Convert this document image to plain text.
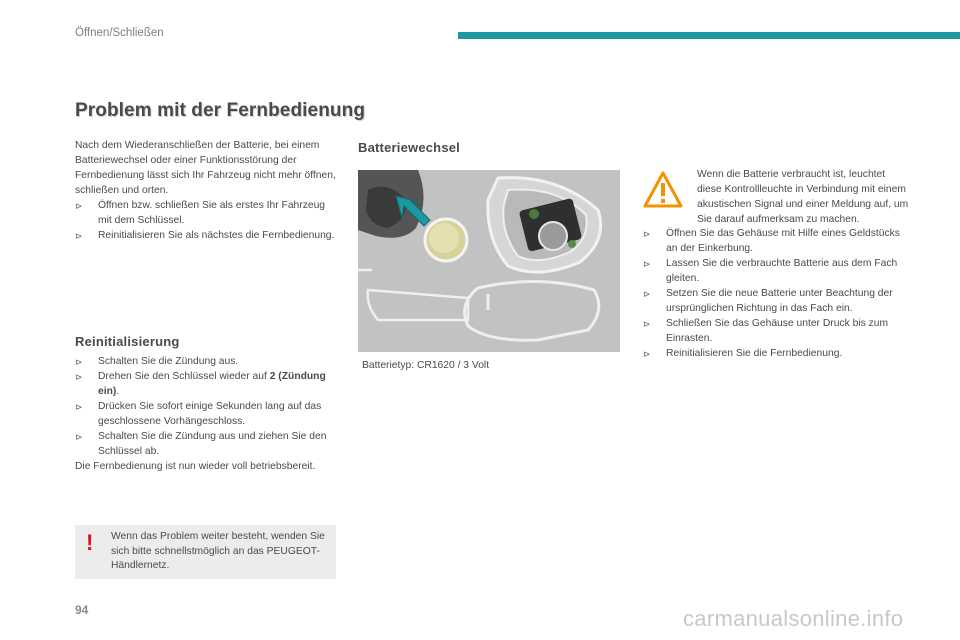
Öffnen/Schließen
Problem mit der Fernbedienung

Nach dem Wiederanschließen der Batterie, bei einem Batteriewechsel oder einer Funktionsstörung der Fernbedienung lässt sich Ihr Fahrzeug nicht mehr öffnen, schließen und orten.

⊳ Öffnen bzw. schließen Sie als erstes Ihr Fahrzeug mit dem Schlüssel.

⊳ Reinitialisieren Sie als nächstes die Fernbedienung.

Reinitialisierung

⊳ Schalten Sie die Zündung aus.

⊳ Drehen Sie den Schlüssel wieder auf 2 (Zündung ein).

⊳ Drücken Sie sofort einige Sekunden lang auf das geschlossene Vorhängeschloss.

⊳ Schalten Sie die Zündung aus und ziehen Sie den Schlüssel ab.

Die Fernbedienung ist nun wieder voll betriebsbereit.

! Wenn das Problem weiter besteht, wenden Sie sich bitte schnellstmöglich an das PEUGEOT-Händlernetz.
Batteriewechsel
Batterietyp: CR1620 / 3 Volt
Wenn die Batterie verbraucht ist, leuchtet diese Kontrollleuchte in Verbindung mit einem akustischen Signal und einer Meldung auf, um Sie darauf aufmerksam zu machen.

⊳ Öffnen Sie das Gehäuse mit Hilfe eines Geldstücks an der Einkerbung.

⊳ Lassen Sie die verbrauchte Batterie aus dem Fach gleiten.

⊳ Setzen Sie die neue Batterie unter Beachtung der ursprünglichen Richtung in das Fach ein.

⊳ Schließen Sie das Gehäuse unter Druck bis zum Einrasten.

⊳ Reinitialisieren Sie die Fernbedienung.

94	carmanualsonline.info
